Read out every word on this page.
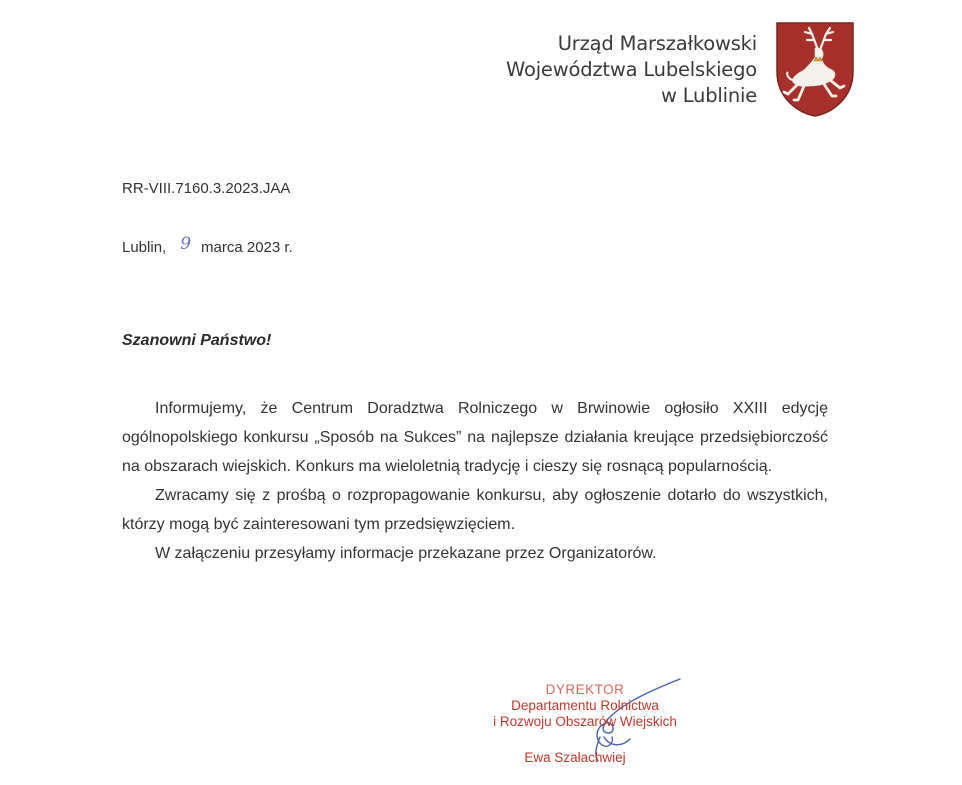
Urząd Marszałkowski
Województwa Lubelskiego
w Lublinie
RR-VIII.7160.3.2023.JAA
Lublin, 9 marca 2023 r.
Szanowni Państwo!

Informujemy, że Centrum Doradztwa Rolniczego w Brwinowie ogłosiło XXIII edycję ogólnopolskiego konkursu „Sposób na Sukces” na najlepsze działania kreujące przedsiębiorczość na obszarach wiejskich. Konkurs ma wieloletnią tradycję i cieszy się rosnącą popularnością.

Zwracamy się z prośbą o rozpropagowanie konkursu, aby ogłoszenie dotarło do wszystkich, którzy mogą być zainteresowani tym przedsięwzięciem.

W załączeniu przesyłamy informacje przekazane przez Organizatorów.

DYREKTOR
Departamentu Rolnictwa
i Rozwoju Obszarów Wiejskich
Ewa Szałachwiej
